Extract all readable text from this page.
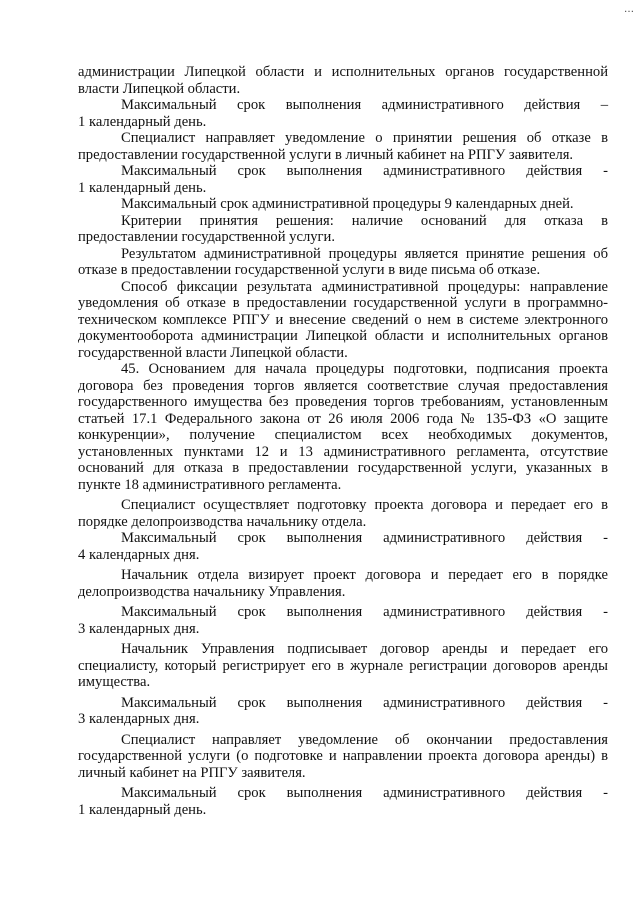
…

администрации Липецкой области и исполнительных органов государственной власти Липецкой области.

Максимальный срок выполнения административного действия –

1 календарный день.

Специалист направляет уведомление о принятии решения об отказе в предоставлении государственной услуги в личный кабинет на РПГУ заявителя.

Максимальный срок выполнения административного действия -

1 календарный день.

Максимальный срок административной процедуры 9 календарных дней.

Критерии принятия решения: наличие оснований для отказа в предоставлении государственной услуги.

Результатом административной процедуры является принятие решения об отказе в предоставлении государственной услуги в виде письма об отказе.

Способ фиксации результата административной процедуры: направление уведомления об отказе в предоставлении государственной услуги в программно-техническом комплексе РПГУ и внесение сведений о нем в системе электронного документооборота администрации Липецкой области и исполнительных органов государственной власти Липецкой области.

45. Основанием для начала процедуры подготовки, подписания проекта договора без проведения торгов является соответствие случая предоставления государственного имущества без проведения торгов требованиям, установленным статьей 17.1 Федерального закона от 26 июля 2006 года № 135-ФЗ «О защите конкуренции», получение специалистом всех необходимых документов, установленных пунктами 12 и 13 административного регламента, отсутствие оснований для отказа в предоставлении государственной услуги, указанных в пункте 18 административного регламента.

Специалист осуществляет подготовку проекта договора и передает его в порядке делопроизводства начальнику отдела.

Максимальный срок выполнения административного действия -

4 календарных дня.

Начальник отдела визирует проект договора и передает его в порядке делопроизводства начальнику Управления.

Максимальный срок выполнения административного действия -

3 календарных дня.

Начальник Управления подписывает договор аренды и передает его специалисту, который регистрирует его в журнале регистрации договоров аренды имущества.

Максимальный срок выполнения административного действия -

3 календарных дня.

Специалист направляет уведомление об окончании предоставления государственной услуги (о подготовке и направлении проекта договора аренды) в личный кабинет на РПГУ заявителя.

Максимальный срок выполнения административного действия -

1 календарный день.
